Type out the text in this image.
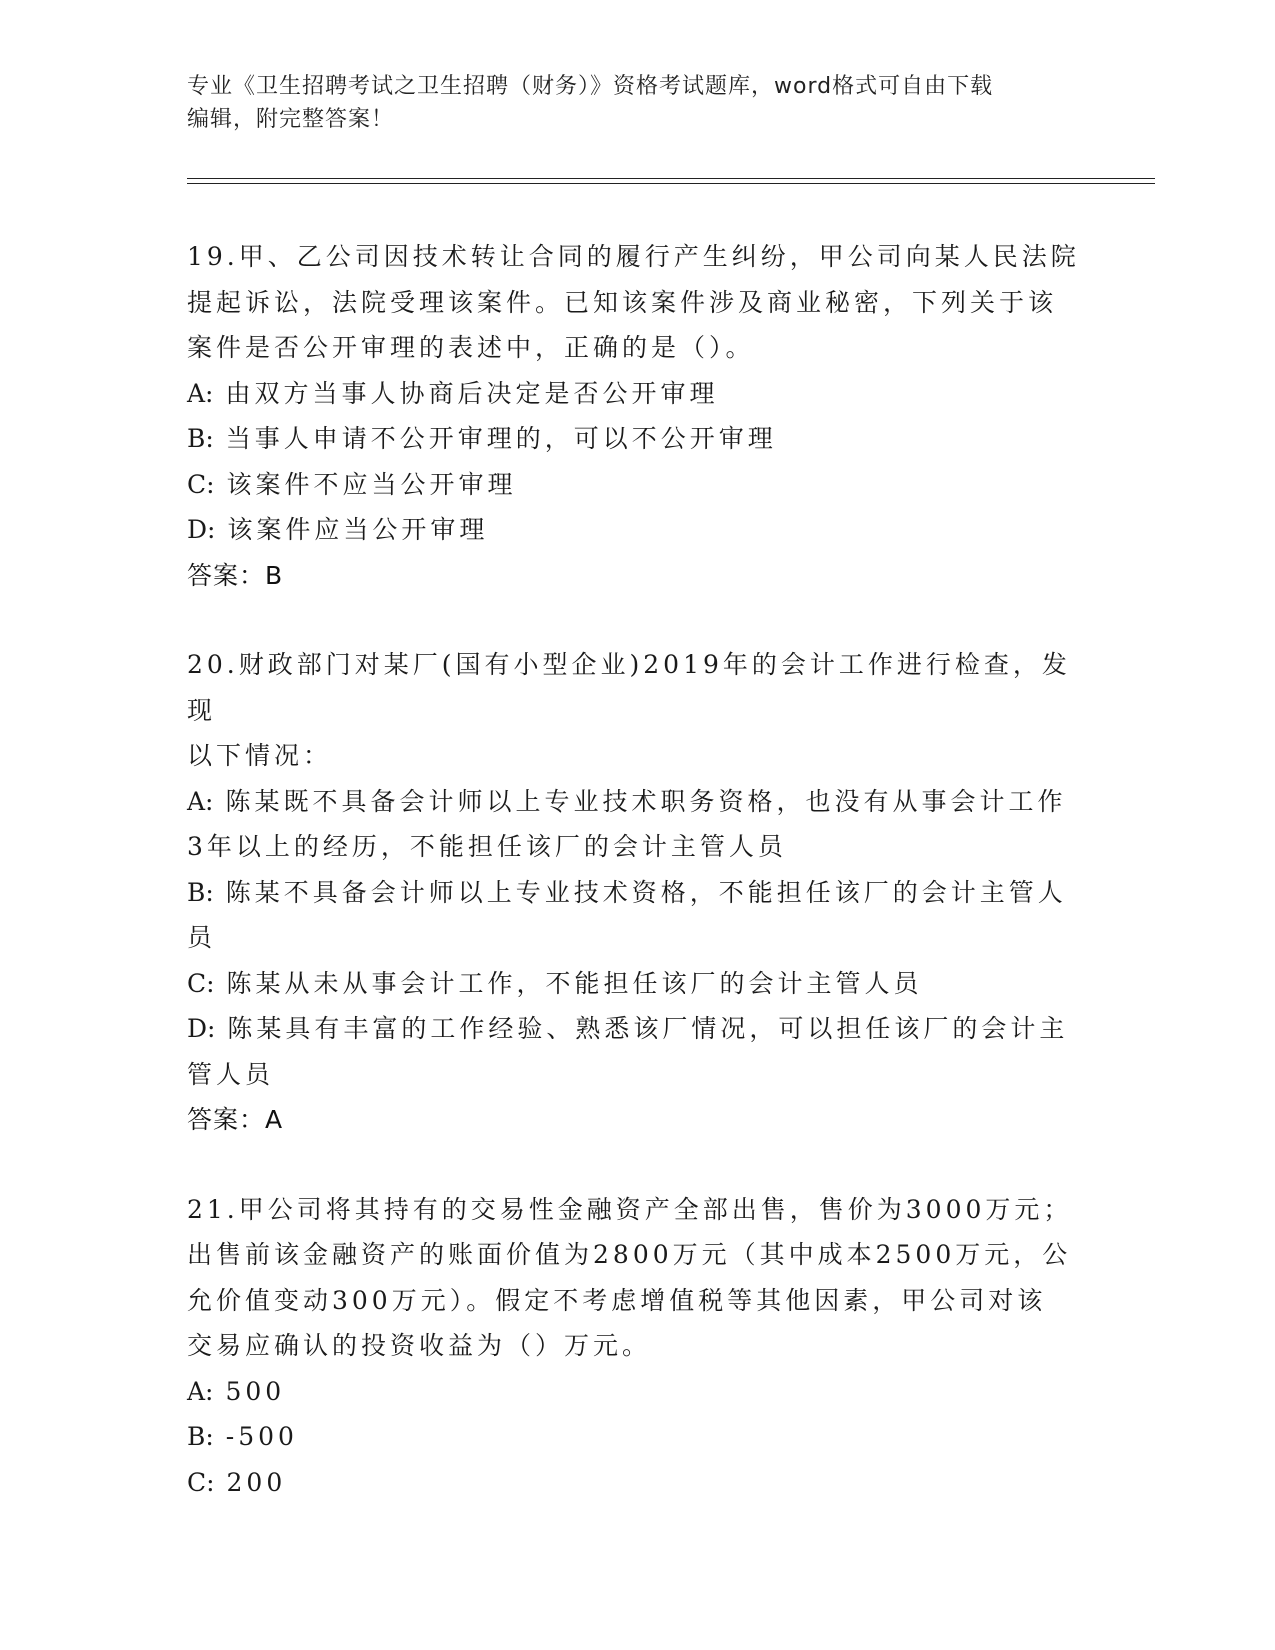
专业《卫生招聘考试之卫生招聘（财务）》资格考试题库，word格式可自由下载
编辑，附完整答案！

19.甲、乙公司因技术转让合同的履行产生纠纷，甲公司向某人民法院

提起诉讼，法院受理该案件。已知该案件涉及商业秘密，下列关于该

案件是否公开审理的表述中，正确的是（）。

A: 由双方当事人协商后决定是否公开审理

B: 当事人申请不公开审理的，可以不公开审理

C: 该案件不应当公开审理

D: 该案件应当公开审理

答案：B

20.财政部门对某厂(国有小型企业)2019年的会计工作进行检查，发现

以下情况：

A: 陈某既不具备会计师以上专业技术职务资格，也没有从事会计工作

3年以上的经历，不能担任该厂的会计主管人员

B: 陈某不具备会计师以上专业技术资格，不能担任该厂的会计主管人

员

C: 陈某从未从事会计工作，不能担任该厂的会计主管人员

D: 陈某具有丰富的工作经验、熟悉该厂情况，可以担任该厂的会计主

管人员

答案：A

21.甲公司将其持有的交易性金融资产全部出售，售价为3000万元；

出售前该金融资产的账面价值为2800万元（其中成本2500万元，公

允价值变动300万元）。假定不考虑增值税等其他因素，甲公司对该

交易应确认的投资收益为（）万元。

A: 500

B: -500

C: 200
